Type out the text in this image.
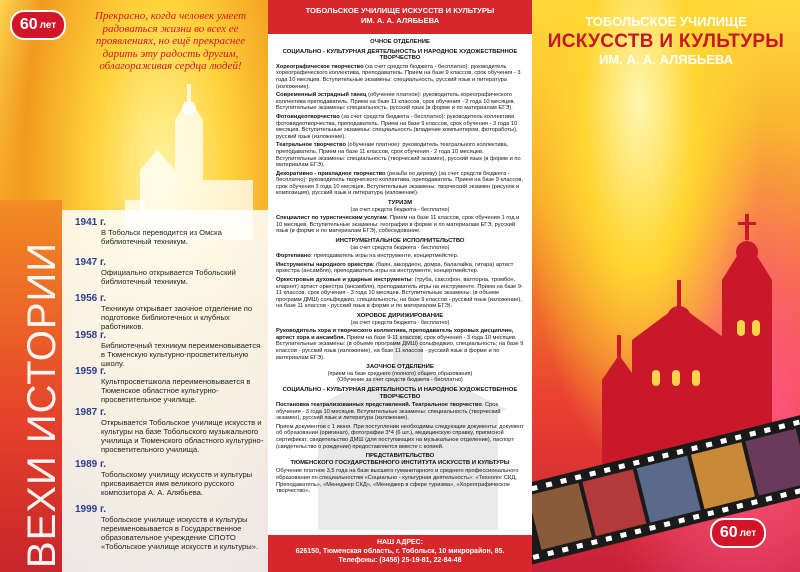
60 лет
Прекрасно, когда человек умеет радоваться жизни во всех ее проявлениях, но ещё прекраснее дарить эту радость другим, облагораживая сердца людей!
ВЕХИ ИСТОРИИ
1941 г.
В Тобольск переводится из Омска библиотечный техникум.
1947 г.
Официально открывается Тобольский библиотечный техникум.
1956 г.
Техникум открывает заочное отделение по подготовке библиотечных и клубных работников.
1958 г.
Библиотечный техникум переименовывается в Тюменскую культурно-просветительную школу.
1959 г.
Культпросветшкола переименовывается в Тюменское областное культурно-просветительное училище.
1987 г.
Открывается Тобольское училище искусств и культуры на базе Тобольского музыкального училища и Тюменского областного культурно-просветительного училища.
1989 г.
Тобольскому училищу искусств и культуры присваивается имя великого русского композитора А. А. Алябьева.
1999 г.
Тобольское училище искусств и культуры переименовывается в Государственное образовательное учреждение СПОТО «Тобольское училище искусств и культуры».
ТОБОЛЬСКОЕ УЧИЛИЩЕ ИСКУССТВ И КУЛЬТУРЫ
ИМ. А. А. АЛЯБЬЕВА
ОЧНОЕ ОТДЕЛЕНИЕ
СОЦИАЛЬНО - КУЛЬТУРНАЯ ДЕЯТЕЛЬНОСТЬ И НАРОДНОЕ ХУДОЖЕСТВЕННОЕ ТВОРЧЕСТВО

Хореографическое творчество (за счет средств бюджета - бесплатно): руководитель хореографического коллектива, преподаватель. Прием на базе 9 классов, срок обучения - 3 года 10 месяцев. Вступительные экзамены: специальность, русский язык и литература (изложение).

Современный эстрадный танец (обучение платное): руководитель хореографического коллектива преподаватель. Прием на базе 11 классов, срок обучения - 2 года 10 месяцев. Вступительные экзамены: специальность, русский язык (в форме и по материалам ЕГЭ).

Фотовидеотворчество (за счет средств бюджета - бесплатно): руководитель коллектива фотовидеотворчества, преподаватель. Прием на базе 9 классов, срок обучения - 3 года 10 месяцев. Вступительные экзамены: специальность (владение компьютером, фотоработы), русский язык (изложение).

Театральное творчество (обучение платное): руководитель театрального коллектива, преподаватель. Прием на базе 11 классов, срок обучения - 2 года 10 месяцев. Вступительные экзамены: специальность (творческий экзамен), русский язык (в форме и по материалам ЕГЭ).

Декоративно - прикладное творчество (резьба по дереву) (за счет средств бюджета - бесплатно): руководитель творческого коллектива, преподаватель. Прием на базе 9 классов, срок обучения 3 года 10 месяцев. Вступительные экзамены: творческий экзамен (рисунок и композиция), русский язык и литература (изложение).

ТУРИЗМ
(за счет средств бюджета - бесплатно)

Специалист по туристическим услугам. Прием на базе 11 классов, срок обучения 1 год и 10 месяцев. Вступительные экзамены: география в форме и по материалам ЕГЭ, русский язык (в форме и по материалам ЕГЭ), собеседование.

ИНСТРУМЕНТАЛЬНОЕ ИСПОЛНИТЕЛЬСТВО
(за счет средств бюджета - бесплатно)

Фортепиано: преподаватель игры на инструменте, концертмейстер.

Инструменты народного оркестра: (баян, аккордеон, домра, балалайка, гитара) артист оркестра (ансамбля), преподаватель игры на инструменте, концертмейстер.

Оркестровые духовые и ударные инструменты: (труба, саксофон, валторна, тромбон, кларнет) артист оркестра (ансамбля), преподаватель игры на инструменте. Прием на базе 9-11 классов, срок обучения - 3 года 10 месяцев. Вступительные экзамены: (в объеме программ ДМШ) сольфеджио, специальность; на базе 9 классов - русский язык (изложение), на базе 11 классов - русский язык в форме и по материалам ЕГЭ).

ХОРОВОЕ ДИРИЖИРОВАНИЕ
(за счет средств бюджета - бесплатно)

Руководитель хора и творческого коллектива, преподаватель хоровых дисциплин, артист хора и ансамбля. Прием на базе 9-11 классов, срок обучения - 3 года 10 месяцев. Вступительные экзамены: (в объеме программ ДМШ) сольфеджио, специальность; на базе 9 классов - русский язык (изложение), на базе 11 классов - русский язык в форме и по материалам ЕГЭ).

ЗАОЧНОЕ ОТДЕЛЕНИЕ
(прием на базе среднего (полного) общего образования)
(Обучение за счет средств бюджета - бесплатно)
СОЦИАЛЬНО - КУЛЬТУРНАЯ ДЕЯТЕЛЬНОСТЬ И НАРОДНОЕ ХУДОЖЕСТВЕННОЕ ТВОРЧЕСТВО

Постановка театрализованных представлений. Театральное творчество. Срок обучения - 3 года 10 месяцев. Вступительные экзамены: специальность (творческий экзамен), русский язык и литература (изложение).

Прием документов с 1 июня. При поступлении необходимы следующие документы: документ об образовании (оригинал), фотографии 3*4 (6 шт.), медицинскую справку, приписной сертификат, свидетельство ДМШ (для поступающих на музыкальное отделение), паспорт (свидетельство о рождении) предоставляется вместе с копией.

ПРЕДСТАВИТЕЛЬСТВО
ТЮМЕНСКОГО ГОСУДАРСТВЕННОГО ИНСТИТУТА ИСКУССТВ И КУЛЬТУРЫ

Обучение платное 3,5 года на базе высшего гуманитарного и среднего профессионального образования по специальностям «Социально - культурная деятельность»: «Технолог СКД, Преподаватель», «Менеджер СКД», «Менеджер в сфере туризма», «Хореографическое творчество».

НАШ АДРЕС:
626150, Тюменская область, г. Тобольск, 10 микрорайон, 85.
Телефоны: (3456) 25-19-81, 22-84-48
ТОБОЛЬСКОЕ УЧИЛИЩЕ
ИСКУССТВ И КУЛЬТУРЫ
ИМ. А. А. АЛЯБЬЕВА
60 лет
